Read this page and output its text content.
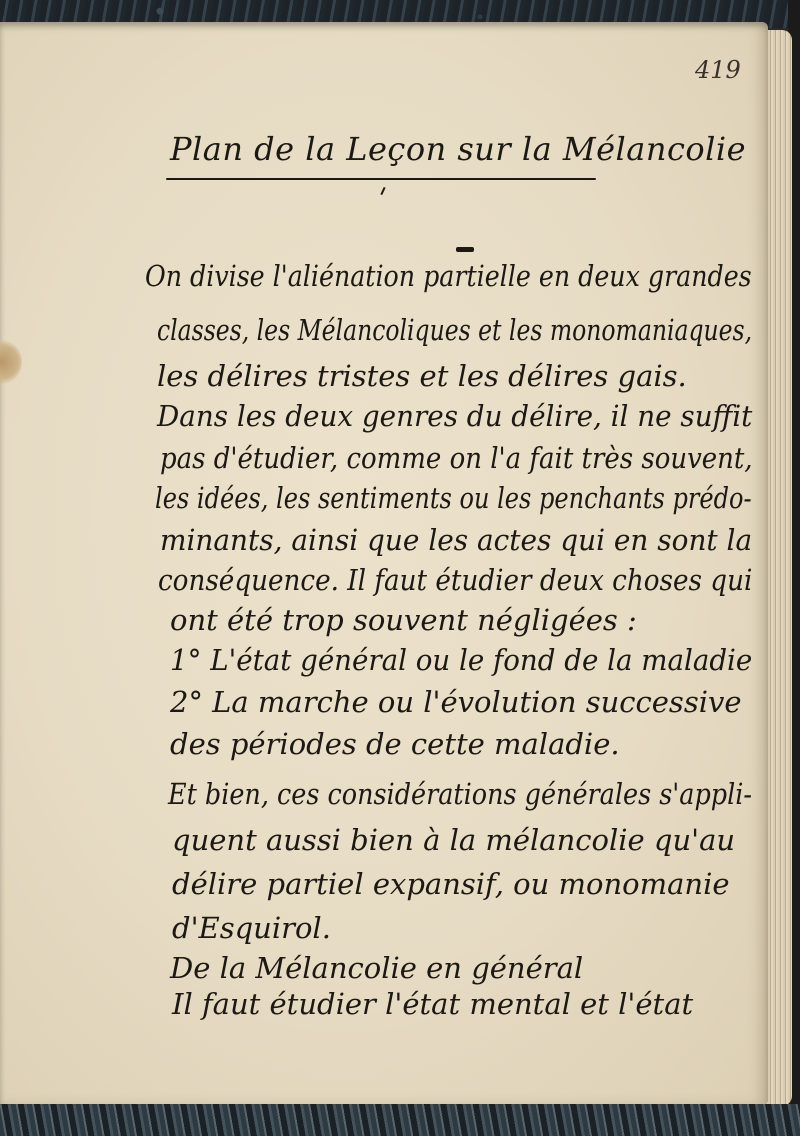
419
Plan de la Leçon sur la Mélancolie
On divise l'aliénation partielle en deux grandes
classes, les Mélancoliques et les monomaniaques,
les délires tristes et les délires gais.
Dans les deux genres du délire, il ne suffit
pas d'étudier, comme on l'a fait très souvent,
les idées, les sentiments ou les penchants prédo-
minants, ainsi que les actes qui en sont la
conséquence. Il faut étudier deux choses qui
ont été trop souvent négligées :
1° L'état général ou le fond de la maladie
2° La marche ou l'évolution successive
des périodes de cette maladie.
Et bien, ces considérations générales s'appli-
quent aussi bien à la mélancolie qu'au
délire partiel expansif, ou monomanie
d'Esquirol.
De la Mélancolie en général
Il faut étudier l'état mental et l'état
